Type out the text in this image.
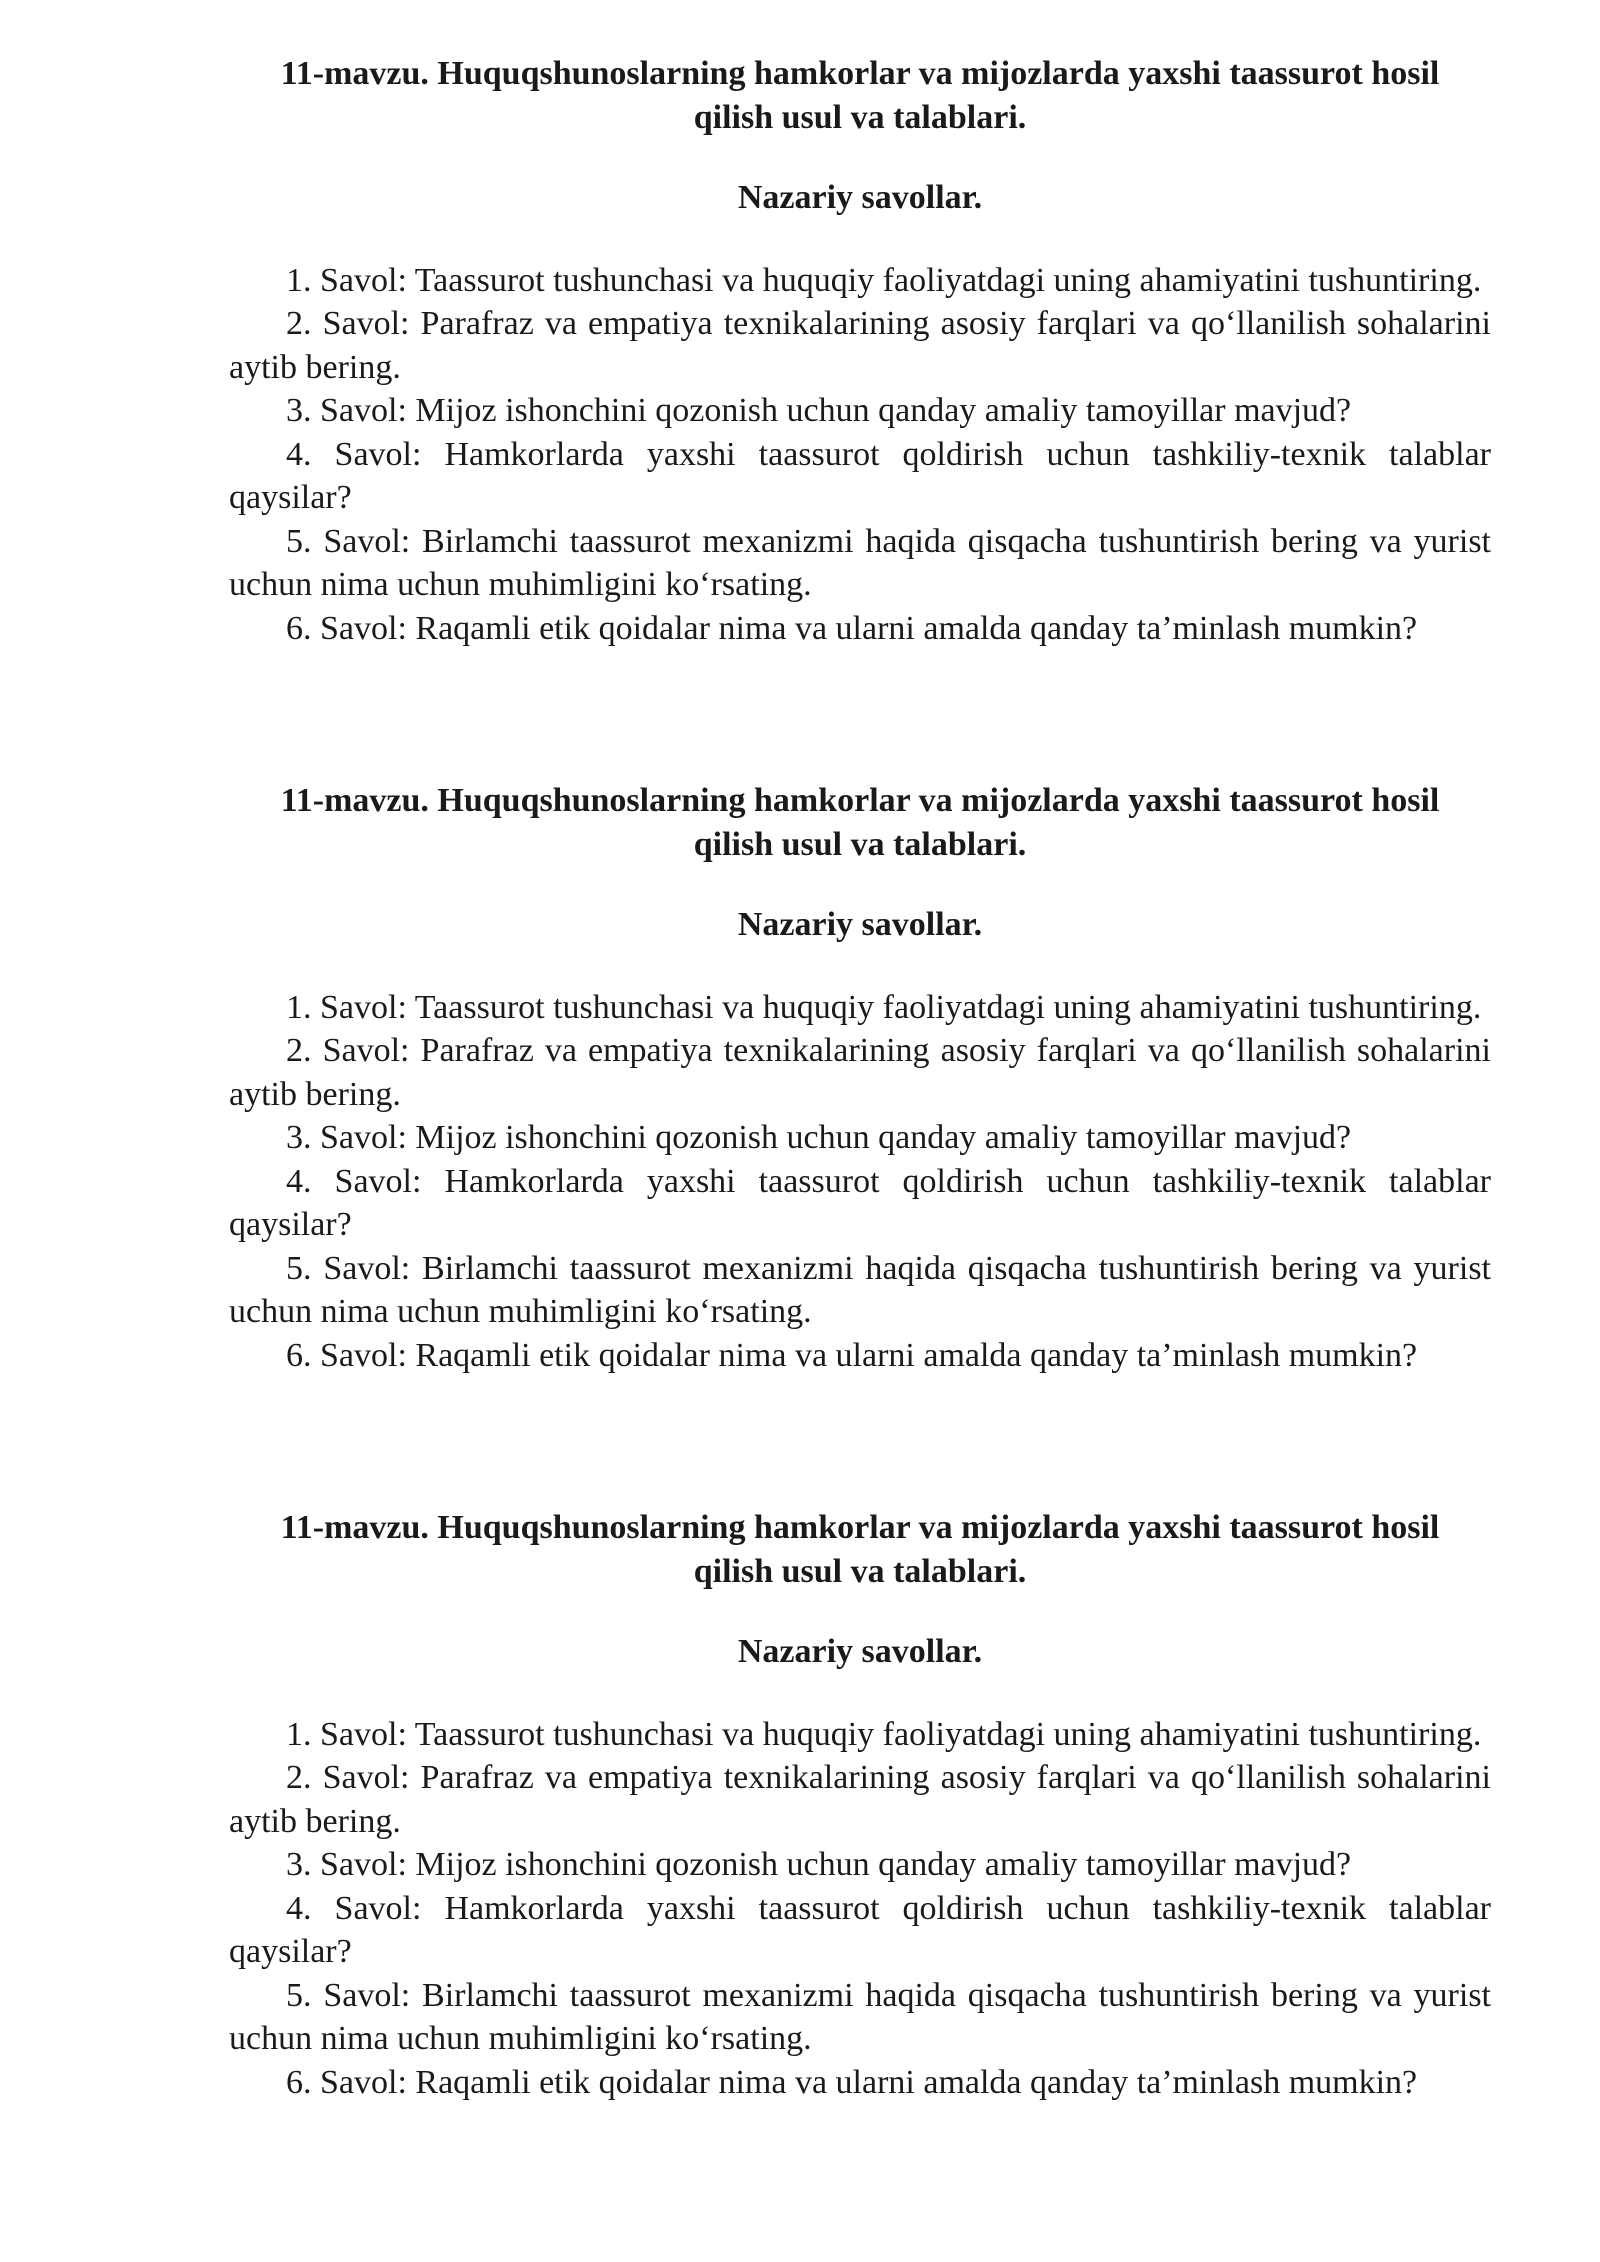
11-mavzu. Huquqshunoslarning hamkorlar va mijozlarda yaxshi taassurot hosil qilish usul va talablari.
Nazariy savollar.
1. Savol: Taassurot tushunchasi va huquqiy faoliyatdagi uning ahamiyatini tushuntiring.
2. Savol: Parafraz va empatiya texnikalarining asosiy farqlari va qo‘llanilish sohalarini aytib bering.
3. Savol: Mijoz ishonchini qozonish uchun qanday amaliy tamoyillar mavjud?
4. Savol: Hamkorlarda yaxshi taassurot qoldirish uchun tashkiliy-texnik talablar qaysilar?
5. Savol: Birlamchi taassurot mexanizmi haqida qisqacha tushuntirish bering va yurist uchun nima uchun muhimligini ko‘rsating.
6. Savol: Raqamli etik qoidalar nima va ularni amalda qanday ta’minlash mumkin?
11-mavzu. Huquqshunoslarning hamkorlar va mijozlarda yaxshi taassurot hosil qilish usul va talablari.
Nazariy savollar.
1. Savol: Taassurot tushunchasi va huquqiy faoliyatdagi uning ahamiyatini tushuntiring.
2. Savol: Parafraz va empatiya texnikalarining asosiy farqlari va qo‘llanilish sohalarini aytib bering.
3. Savol: Mijoz ishonchini qozonish uchun qanday amaliy tamoyillar mavjud?
4. Savol: Hamkorlarda yaxshi taassurot qoldirish uchun tashkiliy-texnik talablar qaysilar?
5. Savol: Birlamchi taassurot mexanizmi haqida qisqacha tushuntirish bering va yurist uchun nima uchun muhimligini ko‘rsating.
6. Savol: Raqamli etik qoidalar nima va ularni amalda qanday ta’minlash mumkin?
11-mavzu. Huquqshunoslarning hamkorlar va mijozlarda yaxshi taassurot hosil qilish usul va talablari.
Nazariy savollar.
1. Savol: Taassurot tushunchasi va huquqiy faoliyatdagi uning ahamiyatini tushuntiring.
2. Savol: Parafraz va empatiya texnikalarining asosiy farqlari va qo‘llanilish sohalarini aytib bering.
3. Savol: Mijoz ishonchini qozonish uchun qanday amaliy tamoyillar mavjud?
4. Savol: Hamkorlarda yaxshi taassurot qoldirish uchun tashkiliy-texnik talablar qaysilar?
5. Savol: Birlamchi taassurot mexanizmi haqida qisqacha tushuntirish bering va yurist uchun nima uchun muhimligini ko‘rsating.
6. Savol: Raqamli etik qoidalar nima va ularni amalda qanday ta’minlash mumkin?
